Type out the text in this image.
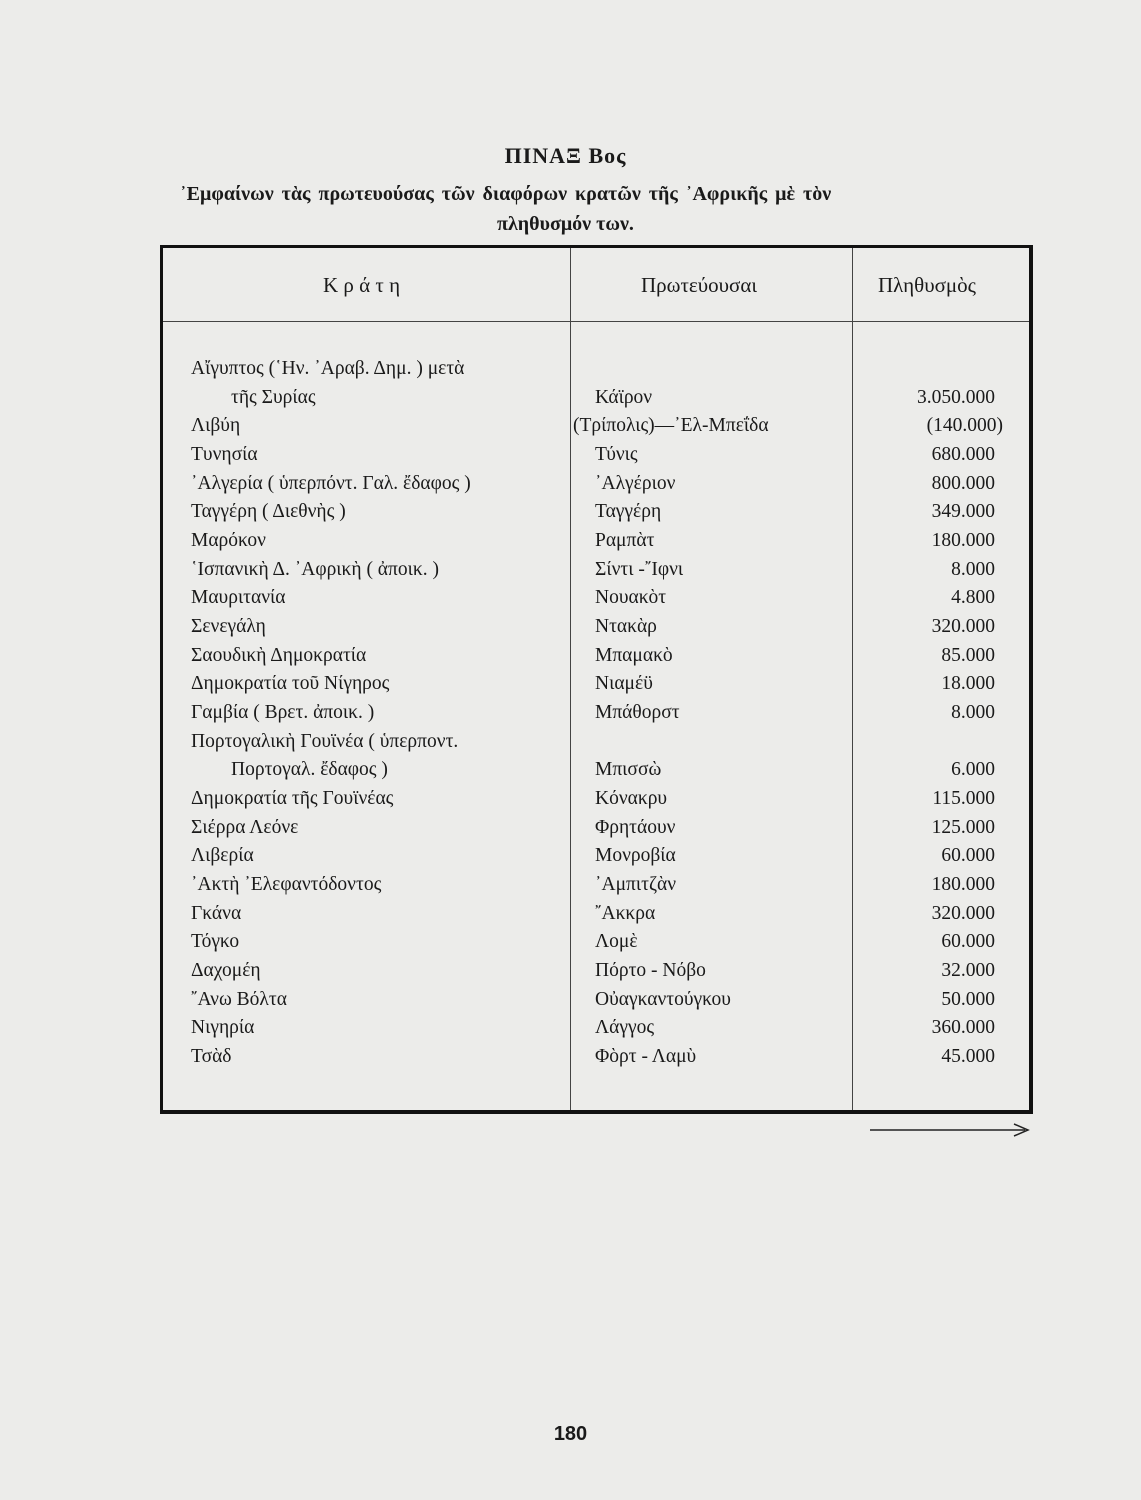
ΠΙΝΑΞ Βος
᾿Εμφαίνων τὰς πρωτευούσας τῶν διαφόρων κρατῶν τῆς ᾿Αφρικῆς μὲ τὸν
πληθυσμόν των.
Κ ρ ά τ η	Πρωτεύουσαι	Πληθυσμὸς
Αἴγυπτος (῾Ην. ᾿Αραβ. Δημ. ) μετὰ
τῆς Συρίας	Κάϊρον	3.050.000
Λιβύη	(Τρίπολις)—᾿Ελ-Μπεΐδα	(140.000)
Τυνησία	Τύνις	680.000
᾿Αλγερία ( ὑπερπόντ. Γαλ. ἔδαφος )	᾿Αλγέριον	800.000
Ταγγέρη ( Διεθνὴς )	Ταγγέρη	349.000
Μαρόκον	Ραμπὰτ	180.000
῾Ισπανικὴ Δ. ᾿Αφρικὴ ( ἀποικ. )	Σίντι -῎Ιφνι	8.000
Μαυριτανία	Νουακὸτ	4.800
Σενεγάλη	Ντακὰρ	320.000
Σαουδικὴ Δημοκρατία	Μπαμακὸ	85.000
Δημοκρατία τοῦ Νίγηρος	Νιαμέϋ	18.000
Γαμβία ( Βρετ. ἀποικ. )	Μπάθορστ	8.000
Πορτογαλικὴ Γουϊνέα ( ὑπερποντ.
Πορτογαλ. ἔδαφος )	Μπισσὼ	6.000
Δημοκρατία τῆς Γουϊνέας	Κόνακρυ	115.000
Σιέρρα Λεόνε	Φρητάουν	125.000
Λιβερία	Μονροβία	60.000
᾿Ακτὴ ᾿Ελεφαντόδοντος	᾿Αμπιτζὰν	180.000
Γκάνα	῎Ακκρα	320.000
Τόγκο	Λομὲ	60.000
Δαχομέη	Πόρτο - Νόβο	32.000
῎Ανω Βόλτα	Οὐαγκαντούγκου	50.000
Νιγηρία	Λάγγος	360.000
Τσὰδ	Φὸρτ - Λαμὺ	45.000
180
